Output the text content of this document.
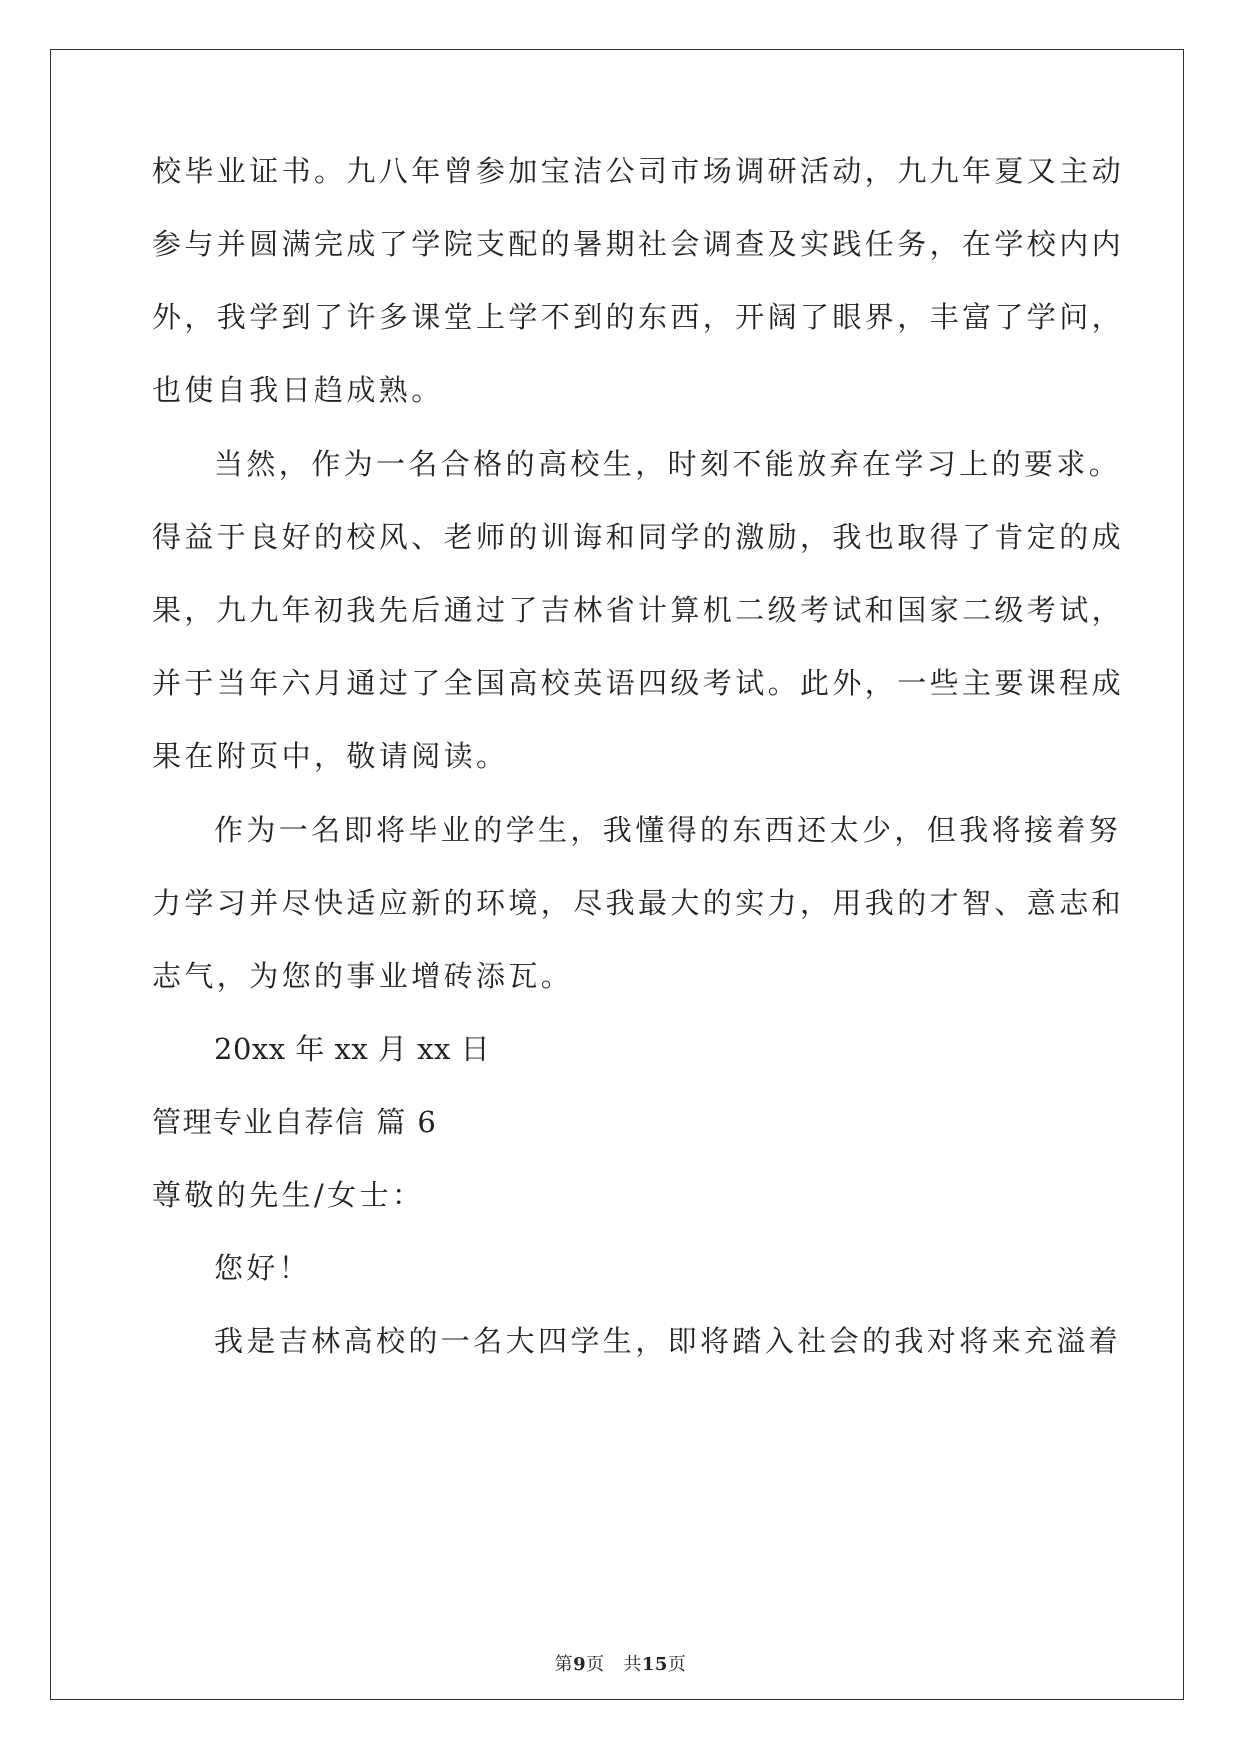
校毕业证书。九八年曾参加宝洁公司市场调研活动，九九年夏又主动
参与并圆满完成了学院支配的暑期社会调查及实践任务，在学校内内
外，我学到了许多课堂上学不到的东西，开阔了眼界，丰富了学问，
也使自我日趋成熟。
当然，作为一名合格的高校生，时刻不能放弃在学习上的要求。
得益于良好的校风、老师的训诲和同学的激励，我也取得了肯定的成
果，九九年初我先后通过了吉林省计算机二级考试和国家二级考试，
并于当年六月通过了全国高校英语四级考试。此外，一些主要课程成
果在附页中，敬请阅读。
作为一名即将毕业的学生，我懂得的东西还太少，但我将接着努
力学习并尽快适应新的环境，尽我最大的实力，用我的才智、意志和
志气，为您的事业增砖添瓦。
20xx 年 xx 月 xx 日
管理专业自荐信 篇 6
尊敬的先生/女士：
您好！
我是吉林高校的一名大四学生，即将踏入社会的我对将来充溢着
第9页 共15页
